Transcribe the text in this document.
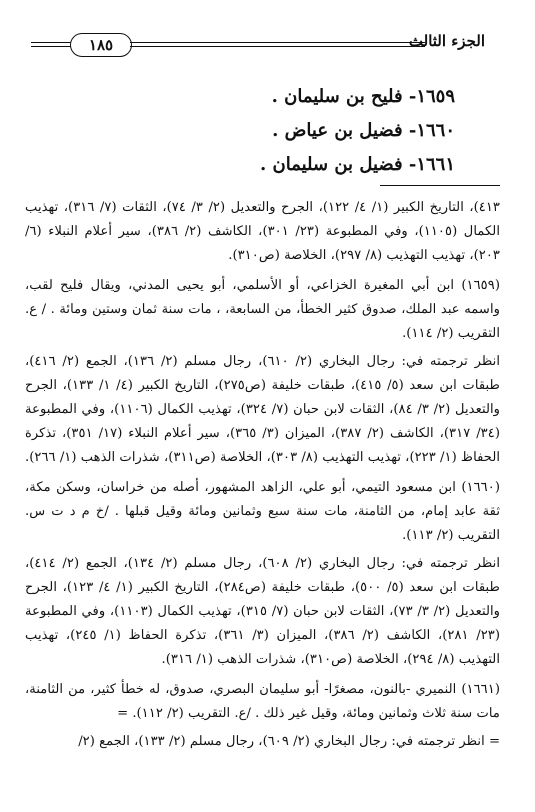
الجزء الثالث
١٨٥
١٦٥٩- فليح بن سليمان .
١٦٦٠- فضيل بن عياض .
١٦٦١- فضيل بن سليمان .

٤١٣)، التاريخ الكبير (١/ ٤/ ١٢٢)، الجرح والتعديل (٢/ ٣/ ٧٤)، الثقات (٧/ ٣١٦)، تهذيب الكمال (١١٠٥)، وفي المطبوعة (٢٣/ ٣٠١)، الكاشف (٢/ ٣٨٦)، سير أعلام النبلاء (٦/ ٢٠٣)، تهذيب التهذيب (٨/ ٢٩٧)، الخلاصة (ص٣١٠).

(١٦٥٩) ابن أبي المغيرة الخزاعي، أو الأسلمي، أبو يحيى المدني، ويقال فليح لقب، واسمه عبد الملك، صدوق كثير الخطأ، من السابعة، ، مات سنة ثمان وستين ومائة . / ع. التقريب (٢/ ١١٤).

انظر ترجمته في: رجال البخاري (٢/ ٦١٠)، رجال مسلم (٢/ ١٣٦)، الجمع (٢/ ٤١٦)، طبقات ابن سعد (٥/ ٤١٥)، طبقات خليفة (ص٢٧٥)، التاريخ الكبير (٤/ ١/ ١٣٣)، الجرح والتعديل (٢/ ٣/ ٨٤)، الثقات لابن حبان (٧/ ٣٢٤)، تهذيب الكمال (١١٠٦)، وفي المطبوعة (٣٤/ ٣١٧)، الكاشف (٢/ ٣٨٧)، الميزان (٣/ ٣٦٥)، سير أعلام النبلاء (١٧/ ٣٥١)، تذكرة الحفاظ (١/ ٢٢٣)، تهذيب التهذيب (٨/ ٣٠٣)، الخلاصة (ص٣١١)، شذرات الذهب (١/ ٢٦٦).

(١٦٦٠) ابن مسعود التيمي، أبو علي، الزاهد المشهور، أصله من خراسان، وسكن مكة، ثقة عابد إمام، من الثامنة، مات سنة سبع وثمانين ومائة وقيل قبلها . /خ م د ت س. التقريب (٢/ ١١٣).

انظر ترجمته في: رجال البخاري (٢/ ٦٠٨)، رجال مسلم (٢/ ١٣٤)، الجمع (٢/ ٤١٤)، طبقات ابن سعد (٥/ ٥٠٠)، طبقات خليفة (ص٢٨٤)، التاريخ الكبير (١/ ٤/ ١٢٣)، الجرح والتعديل (٢/ ٣/ ٧٣)، الثقات لابن حبان (٧/ ٣١٥)، تهذيب الكمال (١١٠٣)، وفي المطبوعة (٢٣/ ٢٨١)، الكاشف (٢/ ٣٨٦)، الميزان (٣/ ٣٦١)، تذكرة الحفاظ (١/ ٢٤٥)، تهذيب التهذيب (٨/ ٢٩٤)، الخلاصة (ص٣١٠)، شذرات الذهب (١/ ٣١٦).

(١٦٦١) النميري -بالنون، مصغرًا- أبو سليمان البصري، صدوق، له خطأ كثير، من الثامنة، مات سنة ثلاث وثمانين ومائة، وقيل غير ذلك . /ع. التقريب (٢/ ١١٢). =

= انظر ترجمته في: رجال البخاري (٢/ ٦٠٩)، رجال مسلم (٢/ ١٣٣)، الجمع (٢/
